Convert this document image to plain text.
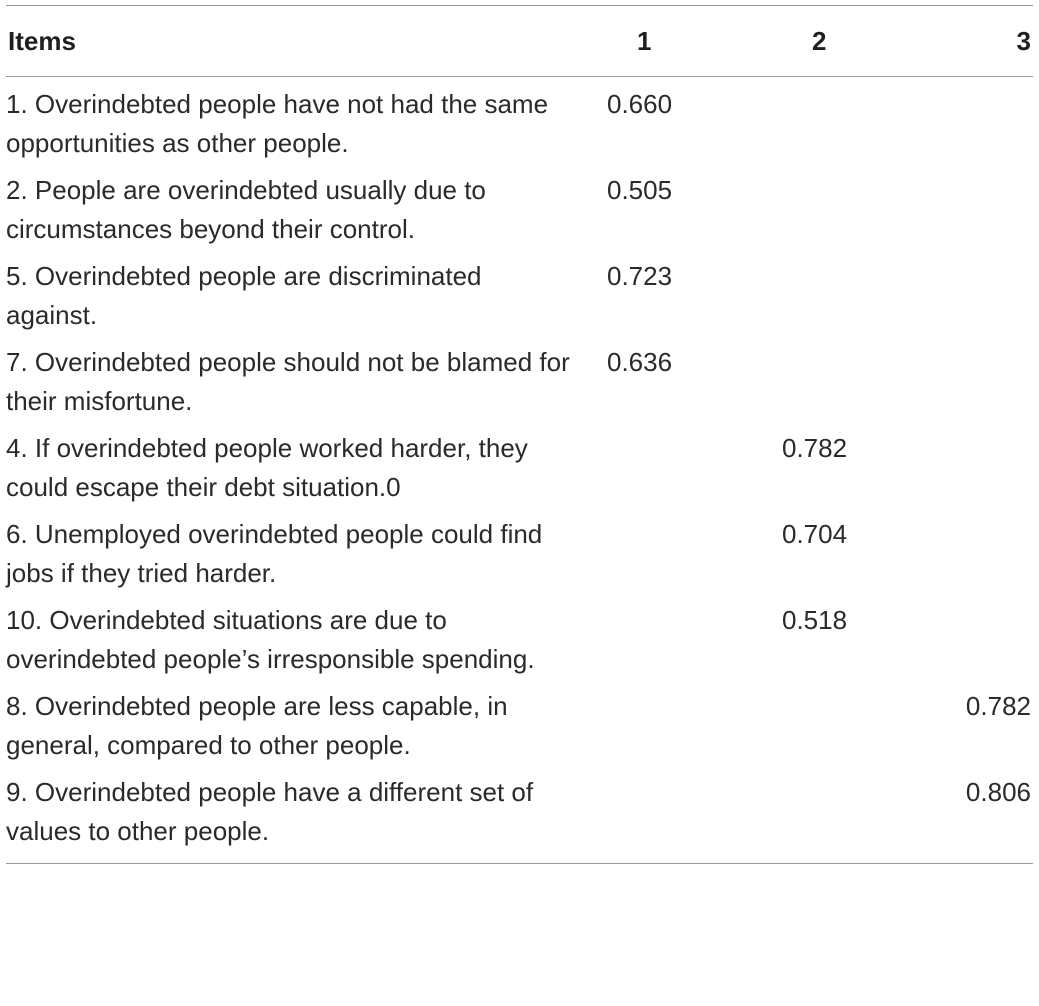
Items	1	2	3
1. Overindebted people have not had the same opportunities as other people.	0.660		
2. People are overindebted usually due to circumstances beyond their control.	0.505		
5. Overindebted people are discriminated against.	0.723		
7. Overindebted people should not be blamed for their misfortune.	0.636		
4. If overindebted people worked harder, they could escape their debt situation.0		0.782	
6. Unemployed overindebted people could find jobs if they tried harder.		0.704	
10. Overindebted situations are due to overindebted people’s irresponsible spending.		0.518	
8. Overindebted people are less capable, in general, compared to other people.			0.782
9. Overindebted people have a different set of values to other people.			0.806
